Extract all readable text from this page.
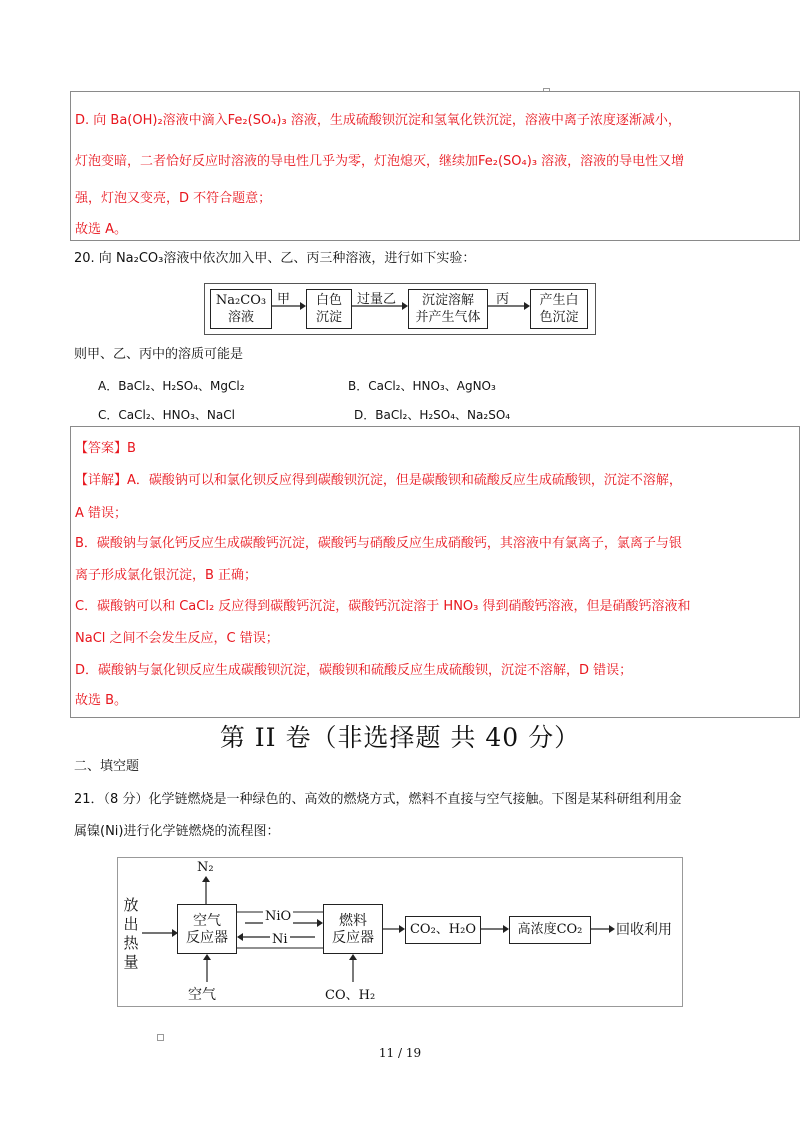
D. 向 Ba(OH)₂溶液中滴入Fe₂(SO₄)₃ 溶液，生成硫酸钡沉淀和氢氧化铁沉淀，溶液中离子浓度逐渐减小，
灯泡变暗，二者恰好反应时溶液的导电性几乎为零，灯泡熄灭，继续加Fe₂(SO₄)₃ 溶液，溶液的导电性又增
强，灯泡又变亮，D 不符合题意；
故选 A。
20. 向 Na₂CO₃溶液中依次加入甲、乙、丙三种溶液，进行如下实验：
Na₂CO₃
溶液
甲	白色
沉淀
过量乙	沉淀溶解
并产生气体
丙	产生白
色沉淀
则甲、乙、丙中的溶质可能是
A．BaCl₂、H₂SO₄、MgCl₂	B．CaCl₂、HNO₃、AgNO₃
C．CaCl₂、HNO₃、NaCl	D．BaCl₂、H₂SO₄、Na₂SO₄
【答案】B
【详解】A．碳酸钠可以和氯化钡反应得到碳酸钡沉淀，但是碳酸钡和硫酸反应生成硫酸钡，沉淀不溶解，
A 错误；
B．碳酸钠与氯化钙反应生成碳酸钙沉淀，碳酸钙与硝酸反应生成硝酸钙，其溶液中有氯离子，氯离子与银
离子形成氯化银沉淀，B 正确；
C．碳酸钠可以和 CaCl₂ 反应得到碳酸钙沉淀，碳酸钙沉淀溶于 HNO₃ 得到硝酸钙溶液，但是硝酸钙溶液和
NaCl 之间不会发生反应，C 错误；
D．碳酸钠与氯化钡反应生成碳酸钡沉淀，碳酸钡和硫酸反应生成硫酸钡，沉淀不溶解，D 错误；
故选 B。
第 II 卷（非选择题 共 40 分）
二、填空题
21．（8 分）化学链燃烧是一种绿色的、高效的燃烧方式，燃料不直接与空气接触。下图是某科研组利用金
属镍(Ni)进行化学链燃烧的流程图：
放
出
热
量
N₂
空气
反应器
NiO
Ni
燃料
反应器
CO₂、H₂O	高浓度CO₂	回收利用
空气	CO、H₂
11 / 19
